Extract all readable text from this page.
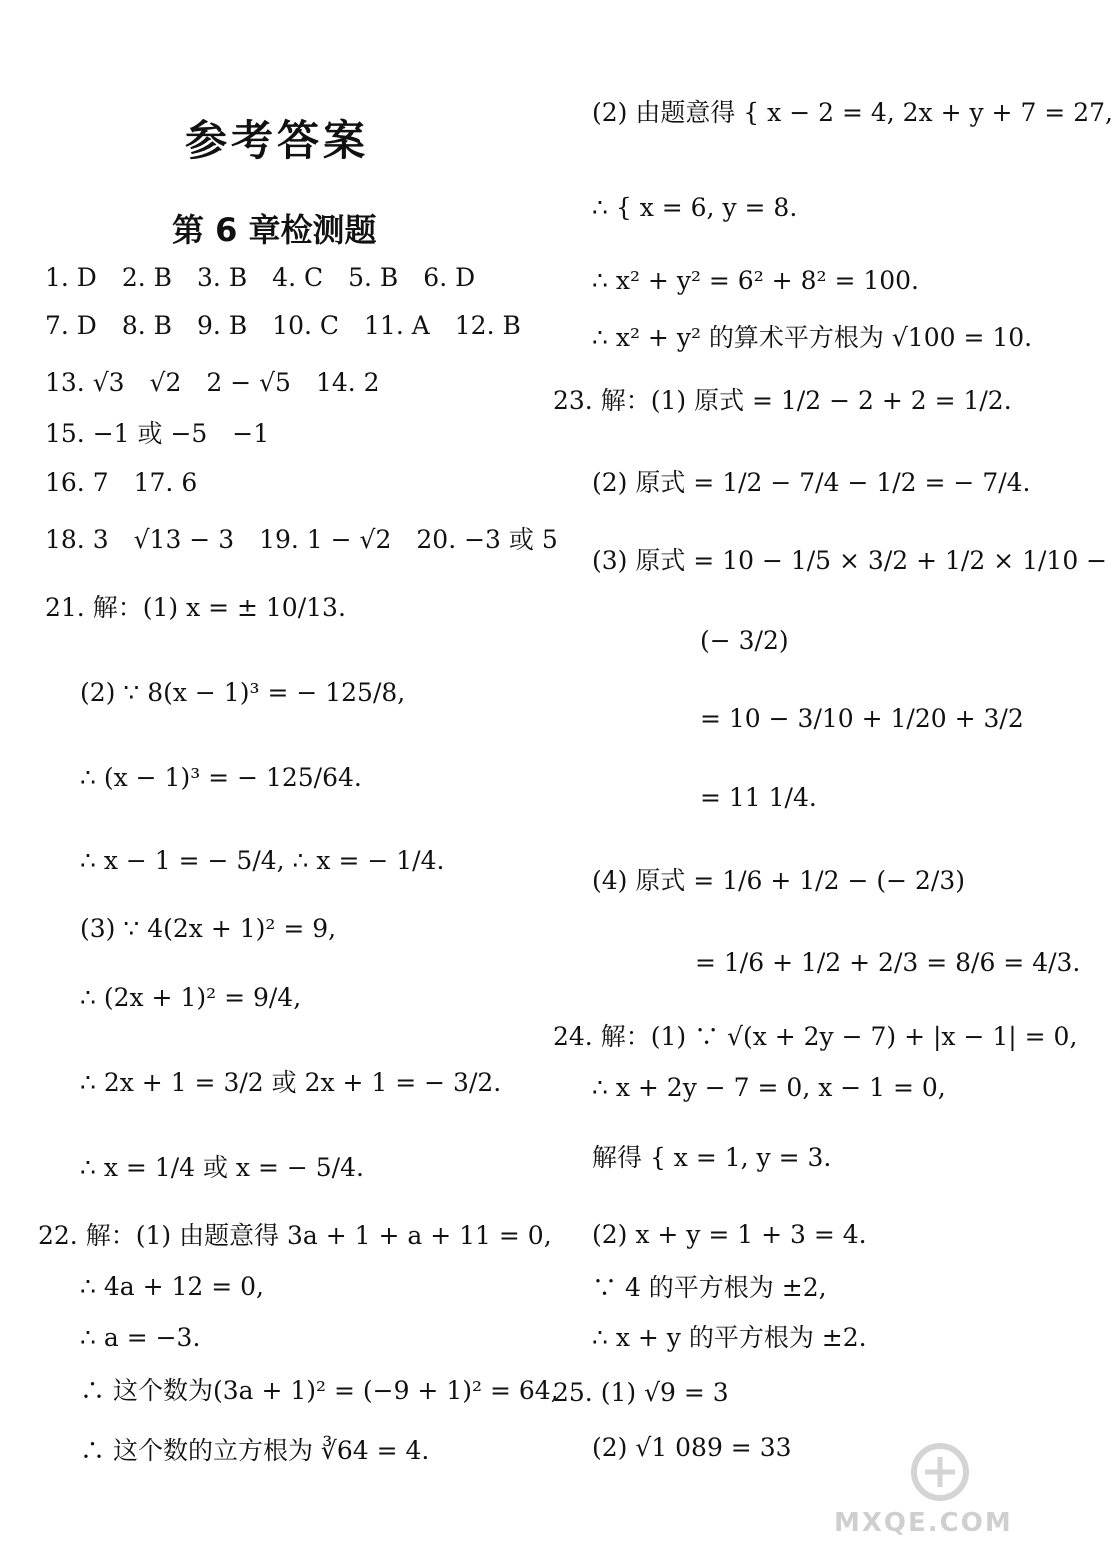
参考答案
第 6 章检测题
1. D　2. B　3. B　4. C　5. B　6. D
7. D　8. B　9. B　10. C　11. A　12. B
13. √3　√2　2 − √5　14. 2
15. −1 或 −5　−1
16. 7　17. 6
18. 3　√13 − 3　19. 1 − √2　20. −3 或 5
21. 解：(1) x = ± 10/13.
(2) ∵ 8(x − 1)³ = − 125/8,
∴ (x − 1)³ = − 125/64.
∴ x − 1 = − 5/4, ∴ x = − 1/4.
(3) ∵ 4(2x + 1)² = 9,
∴ (2x + 1)² = 9/4,
∴ 2x + 1 = 3/2 或 2x + 1 = − 3/2.
∴ x = 1/4 或 x = − 5/4.
22. 解：(1) 由题意得 3a + 1 + a + 11 = 0,
∴ 4a + 12 = 0,
∴ a = −3.
∴ 这个数为(3a + 1)² = (−9 + 1)² = 64,
∴ 这个数的立方根为 ∛64 = 4.
(2) 由题意得 { x − 2 = 4, 2x + y + 7 = 27,
∴ { x = 6, y = 8.
∴ x² + y² = 6² + 8² = 100.
∴ x² + y² 的算术平方根为 √100 = 10.
23. 解：(1) 原式 = 1/2 − 2 + 2 = 1/2.
(2) 原式 = 1/2 − 7/4 − 1/2 = − 7/4.
(3) 原式 = 10 − 1/5 × 3/2 + 1/2 × 1/10 −
(− 3/2)
= 10 − 3/10 + 1/20 + 3/2
= 11 1/4.
(4) 原式 = 1/6 + 1/2 − (− 2/3)
= 1/6 + 1/2 + 2/3 = 8/6 = 4/3.
24. 解：(1) ∵ √(x + 2y − 7) + |x − 1| = 0,
∴ x + 2y − 7 = 0, x − 1 = 0,
解得 { x = 1, y = 3.
(2) x + y = 1 + 3 = 4.
∵ 4 的平方根为 ±2,
∴ x + y 的平方根为 ±2.
25. (1) √9 = 3
(2) √1 089 = 33
MXQE.COM
